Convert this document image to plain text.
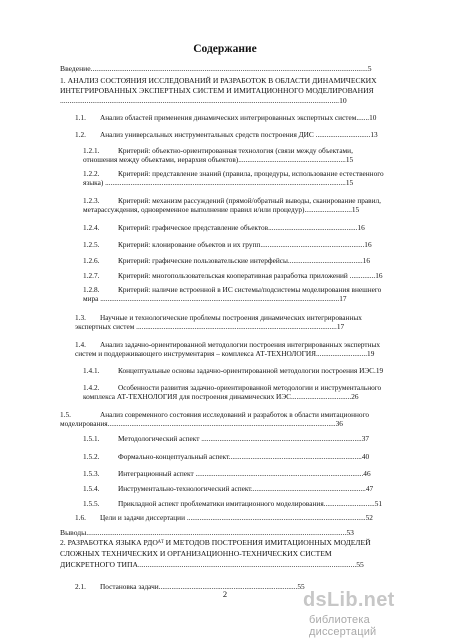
Содержание
Введение..................................................................................................................................................5
1. АНАЛИЗ СОСТОЯНИЯ ИССЛЕДОВАНИЙ И РАЗРАБОТОК В ОБЛАСТИ ДИНАМИЧЕСКИХ
ИНТЕГРИРОВАННЫХ ЭКСПЕРТНЫХ СИСТЕМ И ИМИТАЦИОННОГО МОДЕЛИРОВАНИЯ
...................................................................................................................................................10
1.1. Анализ областей применения динамических интегрированных экспертных систем.......10
1.2. Анализ универсальных инструментальных средств построения ДИС ..............................13
1.2.1.	Критерий: объектно-ориентированная технология (связи между объектами,
отношения между объектами, иерархия объектов)...........................................................15
1.2.2.	Критерий: представление знаний (правила, процедуры, использование естественного
языка) ....................................................................................................................................15
1.2.3.	Критерий: механизм рассуждений (прямой/обратный выводы, сканирование правил,
метарассуждения, одновременное выполнение правил и/или процедур)..........................15
1.2.4.	Критерий: графическое представление объектов.................................................16
1.2.5.	Критерий: клонирование объектов и их групп.........................................................16
1.2.6.	Критерий: графические пользовательские интерфейсы.........................................16
1.2.7.	Критерий: многопользовательская кооперативная разработка приложений ..............16
1.2.8.	Критерий: наличие встроенной в ИС системы/подсистемы моделирования внешнего
мира ...................................................................................................................................17
1.3. Научные и технологические проблемы построения динамических интегрированных
экспертных систем ..............................................................................................................17
1.4. Анализ задачно-ориентированной методологии построения интегрированных экспертных
систем и поддерживающего инструментария – комплекса АТ-ТЕХНОЛОГИЯ............................19
1.4.1.	Концептуальные основы задачно-ориентированной методологии построения ИЭС.19
1.4.2.	Особенности развития задачно-ориентированной методологии и инструментального
комплекса АТ-ТЕХНОЛОГИЯ для построения динамических ИЭС.................................26
1.5.	Анализ современного состояния исследований и разработок в области имитационного
моделирования.............................................................................................................................36
1.5.1.	Методологический аспект ........................................................................................37
1.5.2.	Формально-концептуальный аспект.........................................................................40
1.5.3.	Интеграционный аспект ............................................................................................46
1.5.4.	Инструментально-технологический аспект...............................................................47
1.5.5.	Прикладной аспект проблематики имитационного моделирования............................51
1.6. Цели и задачи диссертации ..................................................................................................52
Выводы.........................................................................................................................................53
2. РАЗРАБОТКА ЯЗЫКА РДОᴬᵀ И МЕТОДОВ ПОСТРОЕНИЯ ИМИТАЦИОННЫХ МОДЕЛЕЙ
СЛОЖНЫХ ТЕХНИЧЕСКИХ И ОРГАНИЗАЦИОННО-ТЕХНИЧЕСКИХ СИСТЕМ
ДИСКРЕТНОГО ТИПА...................................................................................................................55
2.1. Постановка задачи............................................................................55
2	dsLib.net
библиотека диссертаций
